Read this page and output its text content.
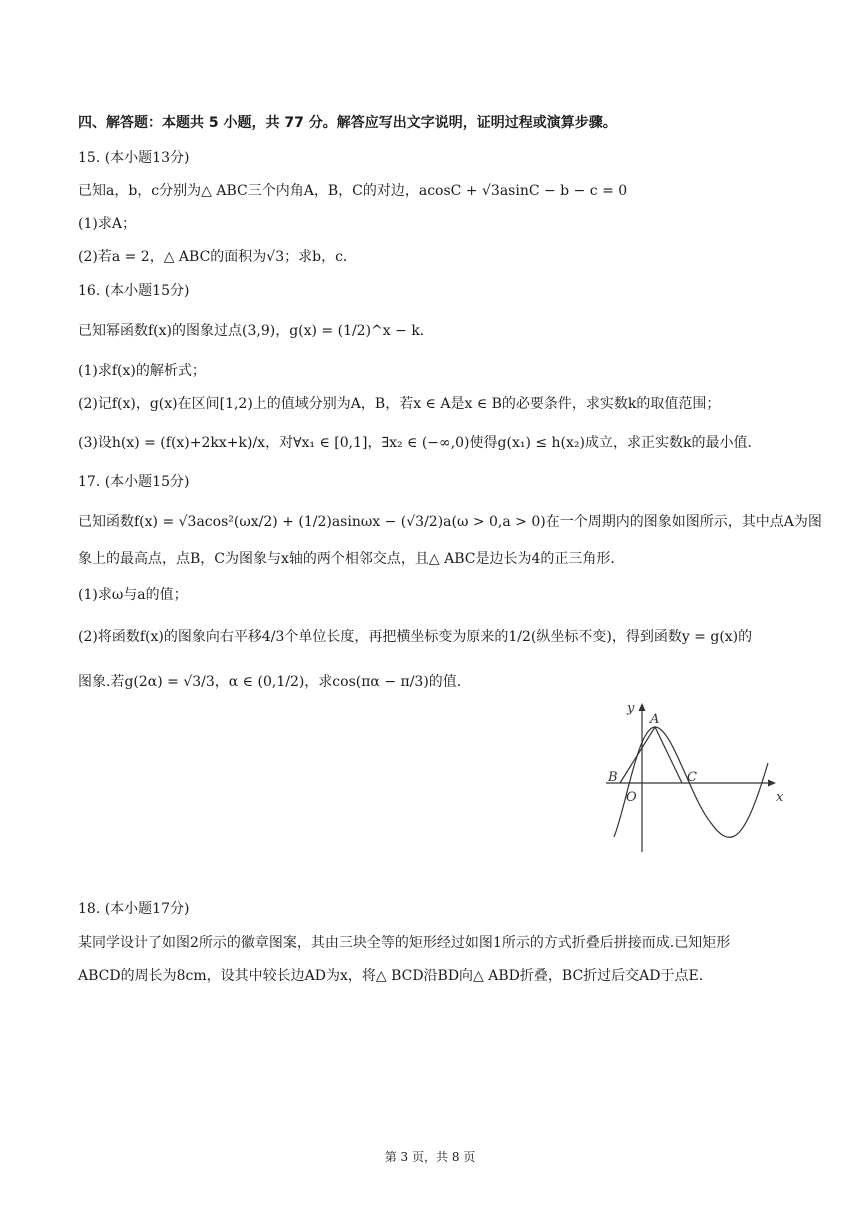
四、解答题：本题共 5 小题，共 77 分。解答应写出文字说明，证明过程或演算步骤。
15. (本小题13分)
已知a，b，c分别为△ ABC三个内角A，B，C的对边，acosC + √3asinC − b − c = 0
(1)求A；
(2)若a = 2，△ ABC的面积为√3；求b，c．
16. (本小题15分)
已知幂函数f(x)的图象过点(3,9)，g(x) = (1/2)^x − k．
(1)求f(x)的解析式；
(2)记f(x)，g(x)在区间[1,2)上的值域分别为A，B，若x ∈ A是x ∈ B的必要条件，求实数k的取值范围；
(3)设h(x) = (f(x)+2kx+k)/x，对∀x₁ ∈ [0,1]，∃x₂ ∈ (−∞,0)使得g(x₁) ≤ h(x₂)成立，求正实数k的最小值．
17. (本小题15分)
已知函数f(x) = √3acos²(ωx/2) + (1/2)asinωx − (√3/2)a(ω > 0,a > 0)在一个周期内的图象如图所示，其中点A为图
象上的最高点，点B，C为图象与x轴的两个相邻交点，且△ ABC是边长为4的正三角形．
(1)求ω与a的值；
(2)将函数f(x)的图象向右平移4/3个单位长度，再把横坐标变为原来的1/2(纵坐标不变)，得到函数y = g(x)的
图象.若g(2α) = √3/3，α ∈ (0,1/2)，求cos(πα − π/3)的值．
y
x
A
B	C
O
18. (本小题17分)
某同学设计了如图2所示的徽章图案，其由三块全等的矩形经过如图1所示的方式折叠后拼接而成.已知矩形
ABCD的周长为8cm，设其中较长边AD为x，将△ BCD沿BD向△ ABD折叠，BC折过后交AD于点E．
第 3 页，共 8 页
